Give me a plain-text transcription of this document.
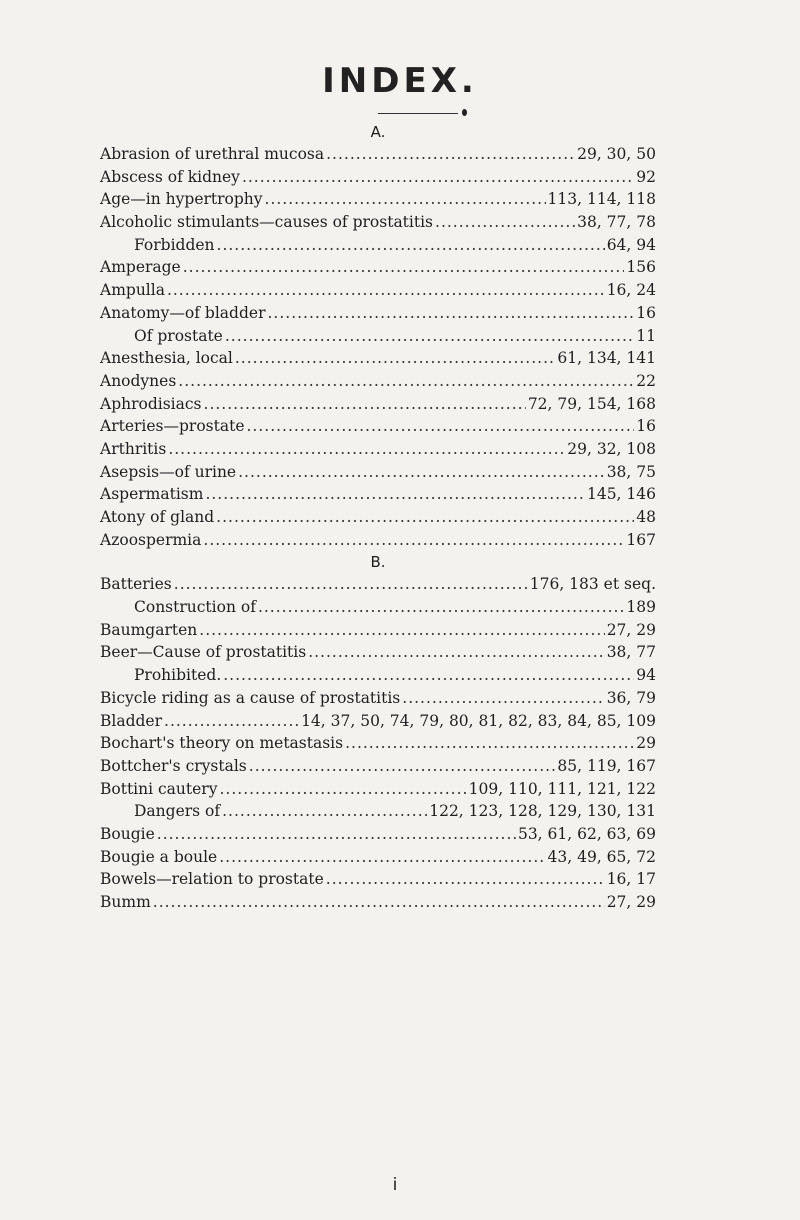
INDEX.
A.
Abrasion of urethral mucosa .....	29, 30, 50
Abscess of kidney .....	92
Age—in hypertrophy .....	113, 114, 118
Alcoholic stimulants—causes of prostatitis .....	38, 77, 78
Forbidden .....	64, 94
Amperage .....	156
Ampulla .....	16, 24
Anatomy—of bladder .....	16
Of prostate .....	11
Anesthesia, local .....	61, 134, 141
Anodynes .....	22
Aphrodisiacs .....	72, 79, 154, 168
Arteries—prostate .....	16
Arthritis .....	29, 32, 108
Asepsis—of urine .....	38, 75
Aspermatism .....	145, 146
Atony of gland .....	48
Azoospermia .....	167
B.
Batteries .....	176, 183 et seq.
Construction of .....	189
Baumgarten .....	27, 29
Beer—Cause of prostatitis .....	38, 77
Prohibited. .....	94
Bicycle riding as a cause of prostatitis .....	36, 79
Bladder .....	14, 37, 50, 74, 79, 80, 81, 82, 83, 84, 85, 109
Bochart's theory on metastasis .....	29
Bottcher's crystals .....	85, 119, 167
Bottini cautery .....	109, 110, 111, 121, 122
Dangers of .....	122, 123, 128, 129, 130, 131
Bougie .....	53, 61, 62, 63, 69
Bougie a boule .....	43, 49, 65, 72
Bowels—relation to prostate .....	16, 17
Bumm .....	27, 29
i
